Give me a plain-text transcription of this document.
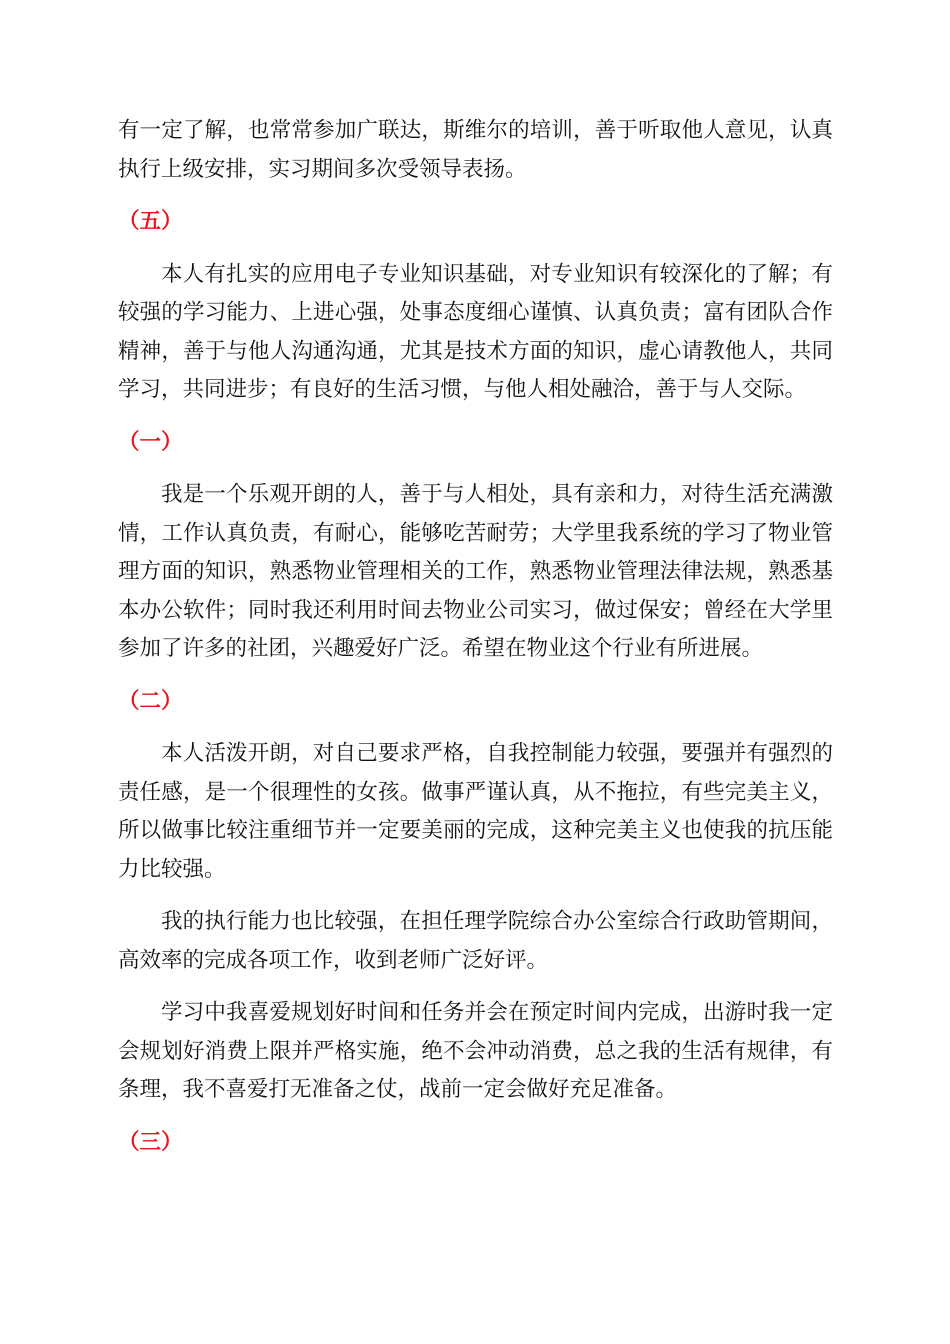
有一定了解，也常常参加广联达，斯维尔的培训，善于听取他人意见，认真执行上级安排，实习期间多次受领导表扬。

（五）

本人有扎实的应用电子专业知识基础，对专业知识有较深化的了解；有较强的学习能力、上进心强，处事态度细心谨慎、认真负责；富有团队合作精神，善于与他人沟通沟通，尤其是技术方面的知识，虚心请教他人，共同学习，共同进步；有良好的生活习惯，与他人相处融洽，善于与人交际。

（一）

我是一个乐观开朗的人，善于与人相处，具有亲和力，对待生活充满激情，工作认真负责，有耐心，能够吃苦耐劳；大学里我系统的学习了物业管理方面的知识，熟悉物业管理相关的工作，熟悉物业管理法律法规，熟悉基本办公软件；同时我还利用时间去物业公司实习，做过保安；曾经在大学里参加了许多的社团，兴趣爱好广泛。希望在物业这个行业有所进展。

（二）

本人活泼开朗，对自己要求严格，自我控制能力较强，要强并有强烈的责任感，是一个很理性的女孩。做事严谨认真，从不拖拉，有些完美主义，所以做事比较注重细节并一定要美丽的完成，这种完美主义也使我的抗压能力比较强。

我的执行能力也比较强，在担任理学院综合办公室综合行政助管期间，高效率的完成各项工作，收到老师广泛好评。

学习中我喜爱规划好时间和任务并会在预定时间内完成，出游时我一定会规划好消费上限并严格实施，绝不会冲动消费，总之我的生活有规律，有条理，我不喜爱打无准备之仗，战前一定会做好充足准备。

（三）
